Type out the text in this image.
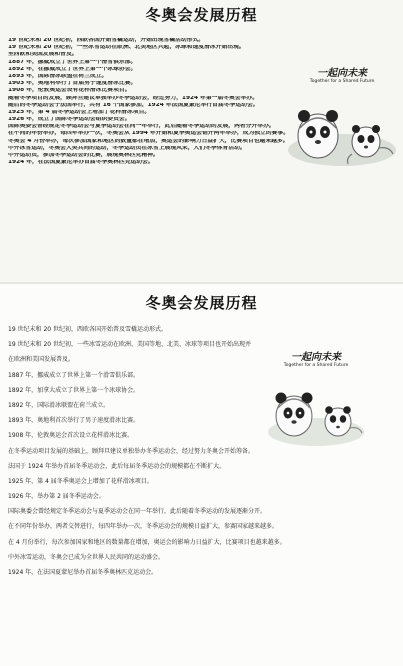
冬奥会发展历程
19 世纪末和 20 世纪初，西欧各国开始雪橇运动，开始出现雪橇活动形式。
19 世纪末和 20 世纪初，一些冰雪运动在欧洲、北美地区兴起，冰球和速度滑冰开始出现。
至西欧和美国发展和普及。
1887 年，挪威成立了世界上第一个滑雪俱乐部。
1892 年，在挪威成立了世界上第一个冰球协会。
1893 年，国际滑冰联盟在荷兰成立。
1903 年，奥地利举行了首届男子速度滑冰比赛。
1908 年，伦敦奥运会设有花样滑冰比赛项目。
随着冬季项目的发展，顾拜旦建议单独举办冬季运动会，经过努力，1924 年第一届冬奥会举办。
随后的冬季运动会于法国举行，共有 16 个国家参加，1924 年法国夏蒙尼举行首届冬季运动会。
1925 年，第 4 届冬季运动会上增加了花样滑冰项目。
1926 年，成立了国际冬季运动会组织委员会。
国际奥委会曾经规定冬季运动会与夏季运动会在同一年举行，此后随着冬季运动的发展，两者分开举办。
在不同的年份举办，每四年举办一次，冬奥会从 1994 年开始和夏季奥运会错开两年举办，成为独立的赛事。
冬奥会 4 月份举办，每次参加国家和地区的数量都在增加，奥运会的影响力日益扩大，比赛项目也越来越多。
中外冰雪运动，冬奥会人类共同的运动，冬季运动员在冰雪上展现风采，人们冬季体育活动。
中外运动员，参加冬季运动会的比赛，展现奥林匹克精神。
1924 年，在法国夏蒙尼举办首届冬季奥林匹克运动会。
一起向未来
Together for a Shared Future
冬奥会发展历程
19 世纪末和 20 世纪初，西欧各国开始普及雪橇运动形式。
19 世纪末和 20 世纪初，一些冰雪运动在欧洲、美国等地、北美、冰球等项目也开始出现并
在欧洲和美国发展普及。
1887 年，挪威成立了世界上第一个滑雪俱乐部。
1892 年，加拿大成立了世界上第一个冰球协会。
1892 年，国际滑冰联盟在荷兰成立。
1893 年，奥地利首次举行了男子速度滑冰比赛。
1908 年，伦敦奥运会首次设立花样滑冰比赛。
在冬季运动项目发展的基础上，顾拜旦建议单独举办冬季运动会，经过努力冬奥会开始筹备。
法国于 1924 年举办首届冬季运动会，此后每届冬季运动会的规模都在不断扩大。
1925 年，第 4 届冬季奥运会上增加了花样滑冰项目。
1926 年，举办第 2 届冬季运动会。
国际奥委会曾经规定冬季运动会与夏季运动会在同一年举行，此后随着冬季运动的发展逐渐分开。
在不同年份举办，两者交替进行，每四年举办一次，冬季运动会的规模日益扩大，参赛国家越来越多。
在 4 月份举行，每次参加国家和地区的数量都在增加，奥运会的影响力日益扩大，比赛项目也越来越多。
中外冰雪运动，冬奥会已成为全世界人民共同的运动盛会。
1924 年，在法国夏蒙尼举办首届冬季奥林匹克运动会。
一起向未来
Together for a Shared Future
